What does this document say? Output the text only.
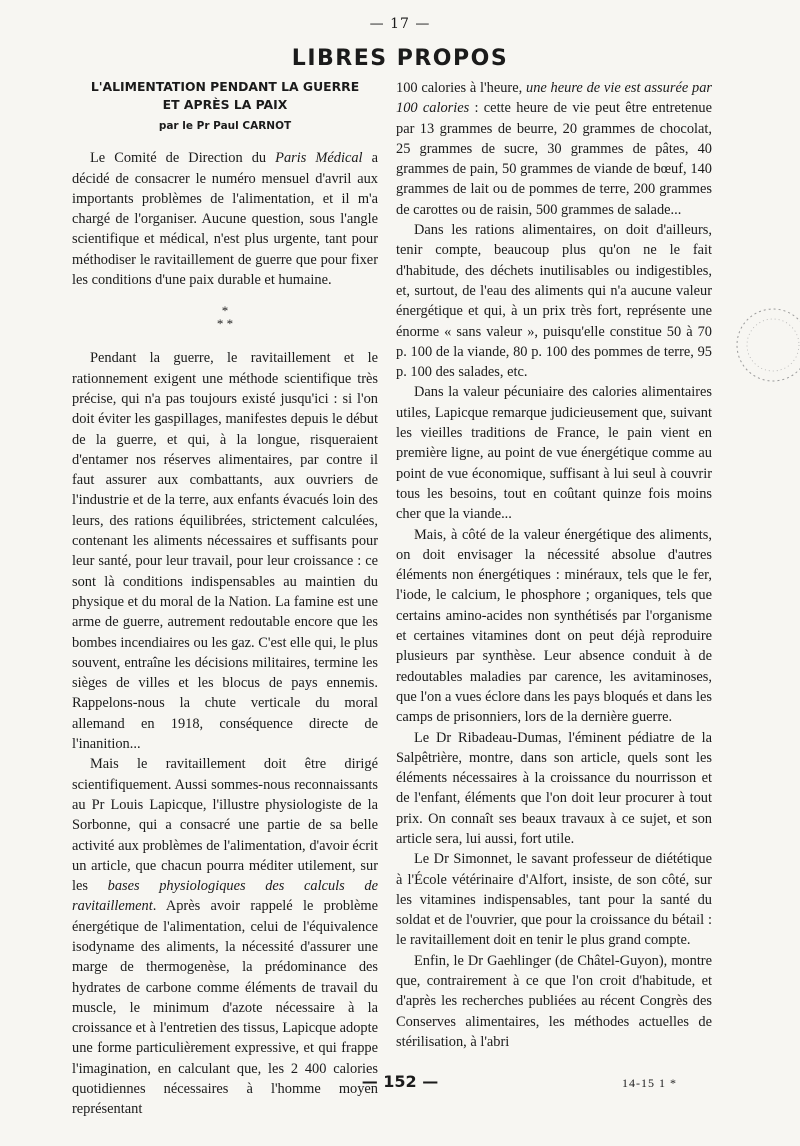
— 17 —
LIBRES PROPOS
L'ALIMENTATION PENDANT LA GUERRE
ET APRÈS LA PAIX
par le Pr Paul CARNOT

Le Comité de Direction du Paris Médical a décidé de consacrer le numéro mensuel d'avril aux importants problèmes de l'alimentation, et il m'a chargé de l'organiser. Aucune question, sous l'angle scientifique et médical, n'est plus urgente, tant pour méthodiser le ravitaillement de guerre que pour fixer les conditions d'une paix durable et humaine.

*
* *

Pendant la guerre, le ravitaillement et le rationnement exigent une méthode scientifique très précise, qui n'a pas toujours existé jusqu'ici : si l'on doit éviter les gaspillages, manifestes depuis le début de la guerre, et qui, à la longue, risqueraient d'entamer nos réserves alimentaires, par contre il faut assurer aux combattants, aux ouvriers de l'industrie et de la terre, aux enfants évacués loin des leurs, des rations équilibrées, strictement calculées, contenant les aliments nécessaires et suffisants pour leur santé, pour leur travail, pour leur croissance : ce sont là conditions indispensables au maintien du physique et du moral de la Nation. La famine est une arme de guerre, autrement redoutable encore que les bombes incendiaires ou les gaz. C'est elle qui, le plus souvent, entraîne les décisions militaires, termine les sièges de villes et les blocus de pays ennemis. Rappelons-nous la chute verticale du moral allemand en 1918, conséquence directe de l'inanition...

Mais le ravitaillement doit être dirigé scientifiquement. Aussi sommes-nous reconnaissants au Pr Louis Lapicque, l'illustre physiologiste de la Sorbonne, qui a consacré une partie de sa belle activité aux problèmes de l'alimentation, d'avoir écrit un article, que chacun pourra méditer utilement, sur les bases physiologiques des calculs de ravitaillement. Après avoir rappelé le problème énergétique de l'alimentation, celui de l'équivalence isodyname des aliments, la nécessité d'assurer une marge de thermogenèse, la prédominance des hydrates de carbone comme éléments de travail du muscle, le minimum d'azote nécessaire à la croissance et à l'entretien des tissus, Lapicque adopte une forme particulièrement expressive, et qui frappe l'imagination, en calculant que, les 2 400 calories quotidiennes nécessaires à l'homme moyen représentant

100 calories à l'heure, une heure de vie est assurée par 100 calories : cette heure de vie peut être entretenue par 13 grammes de beurre, 20 grammes de chocolat, 25 grammes de sucre, 30 grammes de pâtes, 40 grammes de pain, 50 grammes de viande de bœuf, 140 grammes de lait ou de pommes de terre, 200 grammes de carottes ou de raisin, 500 grammes de salade...

Dans les rations alimentaires, on doit d'ailleurs, tenir compte, beaucoup plus qu'on ne le fait d'habitude, des déchets inutilisables ou indigestibles, et, surtout, de l'eau des aliments qui n'a aucune valeur énergétique et qui, à un prix très fort, représente une énorme « sans valeur », puisqu'elle constitue 50 à 70 p. 100 de la viande, 80 p. 100 des pommes de terre, 95 p. 100 des salades, etc.

Dans la valeur pécuniaire des calories alimentaires utiles, Lapicque remarque judicieusement que, suivant les vieilles traditions de France, le pain vient en première ligne, au point de vue énergétique comme au point de vue économique, suffisant à lui seul à couvrir tous les besoins, tout en coûtant quinze fois moins cher que la viande...

Mais, à côté de la valeur énergétique des aliments, on doit envisager la nécessité absolue d'autres éléments non énergétiques : minéraux, tels que le fer, l'iode, le calcium, le phosphore ; organiques, tels que certains amino-acides non synthétisés par l'organisme et certaines vitamines dont on peut déjà reproduire plusieurs par synthèse. Leur absence conduit à de redoutables maladies par carence, les avitaminoses, que l'on a vues éclore dans les pays bloqués et dans les camps de prisonniers, lors de la dernière guerre.

Le Dr Ribadeau-Dumas, l'éminent pédiatre de la Salpêtrière, montre, dans son article, quels sont les éléments nécessaires à la croissance du nourrisson et de l'enfant, éléments que l'on doit leur procurer à tout prix. On connaît ses beaux travaux à ce sujet, et son article sera, lui aussi, fort utile.

Le Dr Simonnet, le savant professeur de diététique à l'École vétérinaire d'Alfort, insiste, de son côté, sur les vitamines indispensables, tant pour la santé du soldat et de l'ouvrier, que pour la croissance du bétail : le ravitaillement doit en tenir le plus grand compte.

Enfin, le Dr Gaehlinger (de Châtel-Guyon), montre que, contrairement à ce que l'on croit d'habitude, et d'après les recherches publiées au récent Congrès des Conserves alimentaires, les méthodes actuelles de stérilisation, à l'abri

— 152 —	14-15 1 *
